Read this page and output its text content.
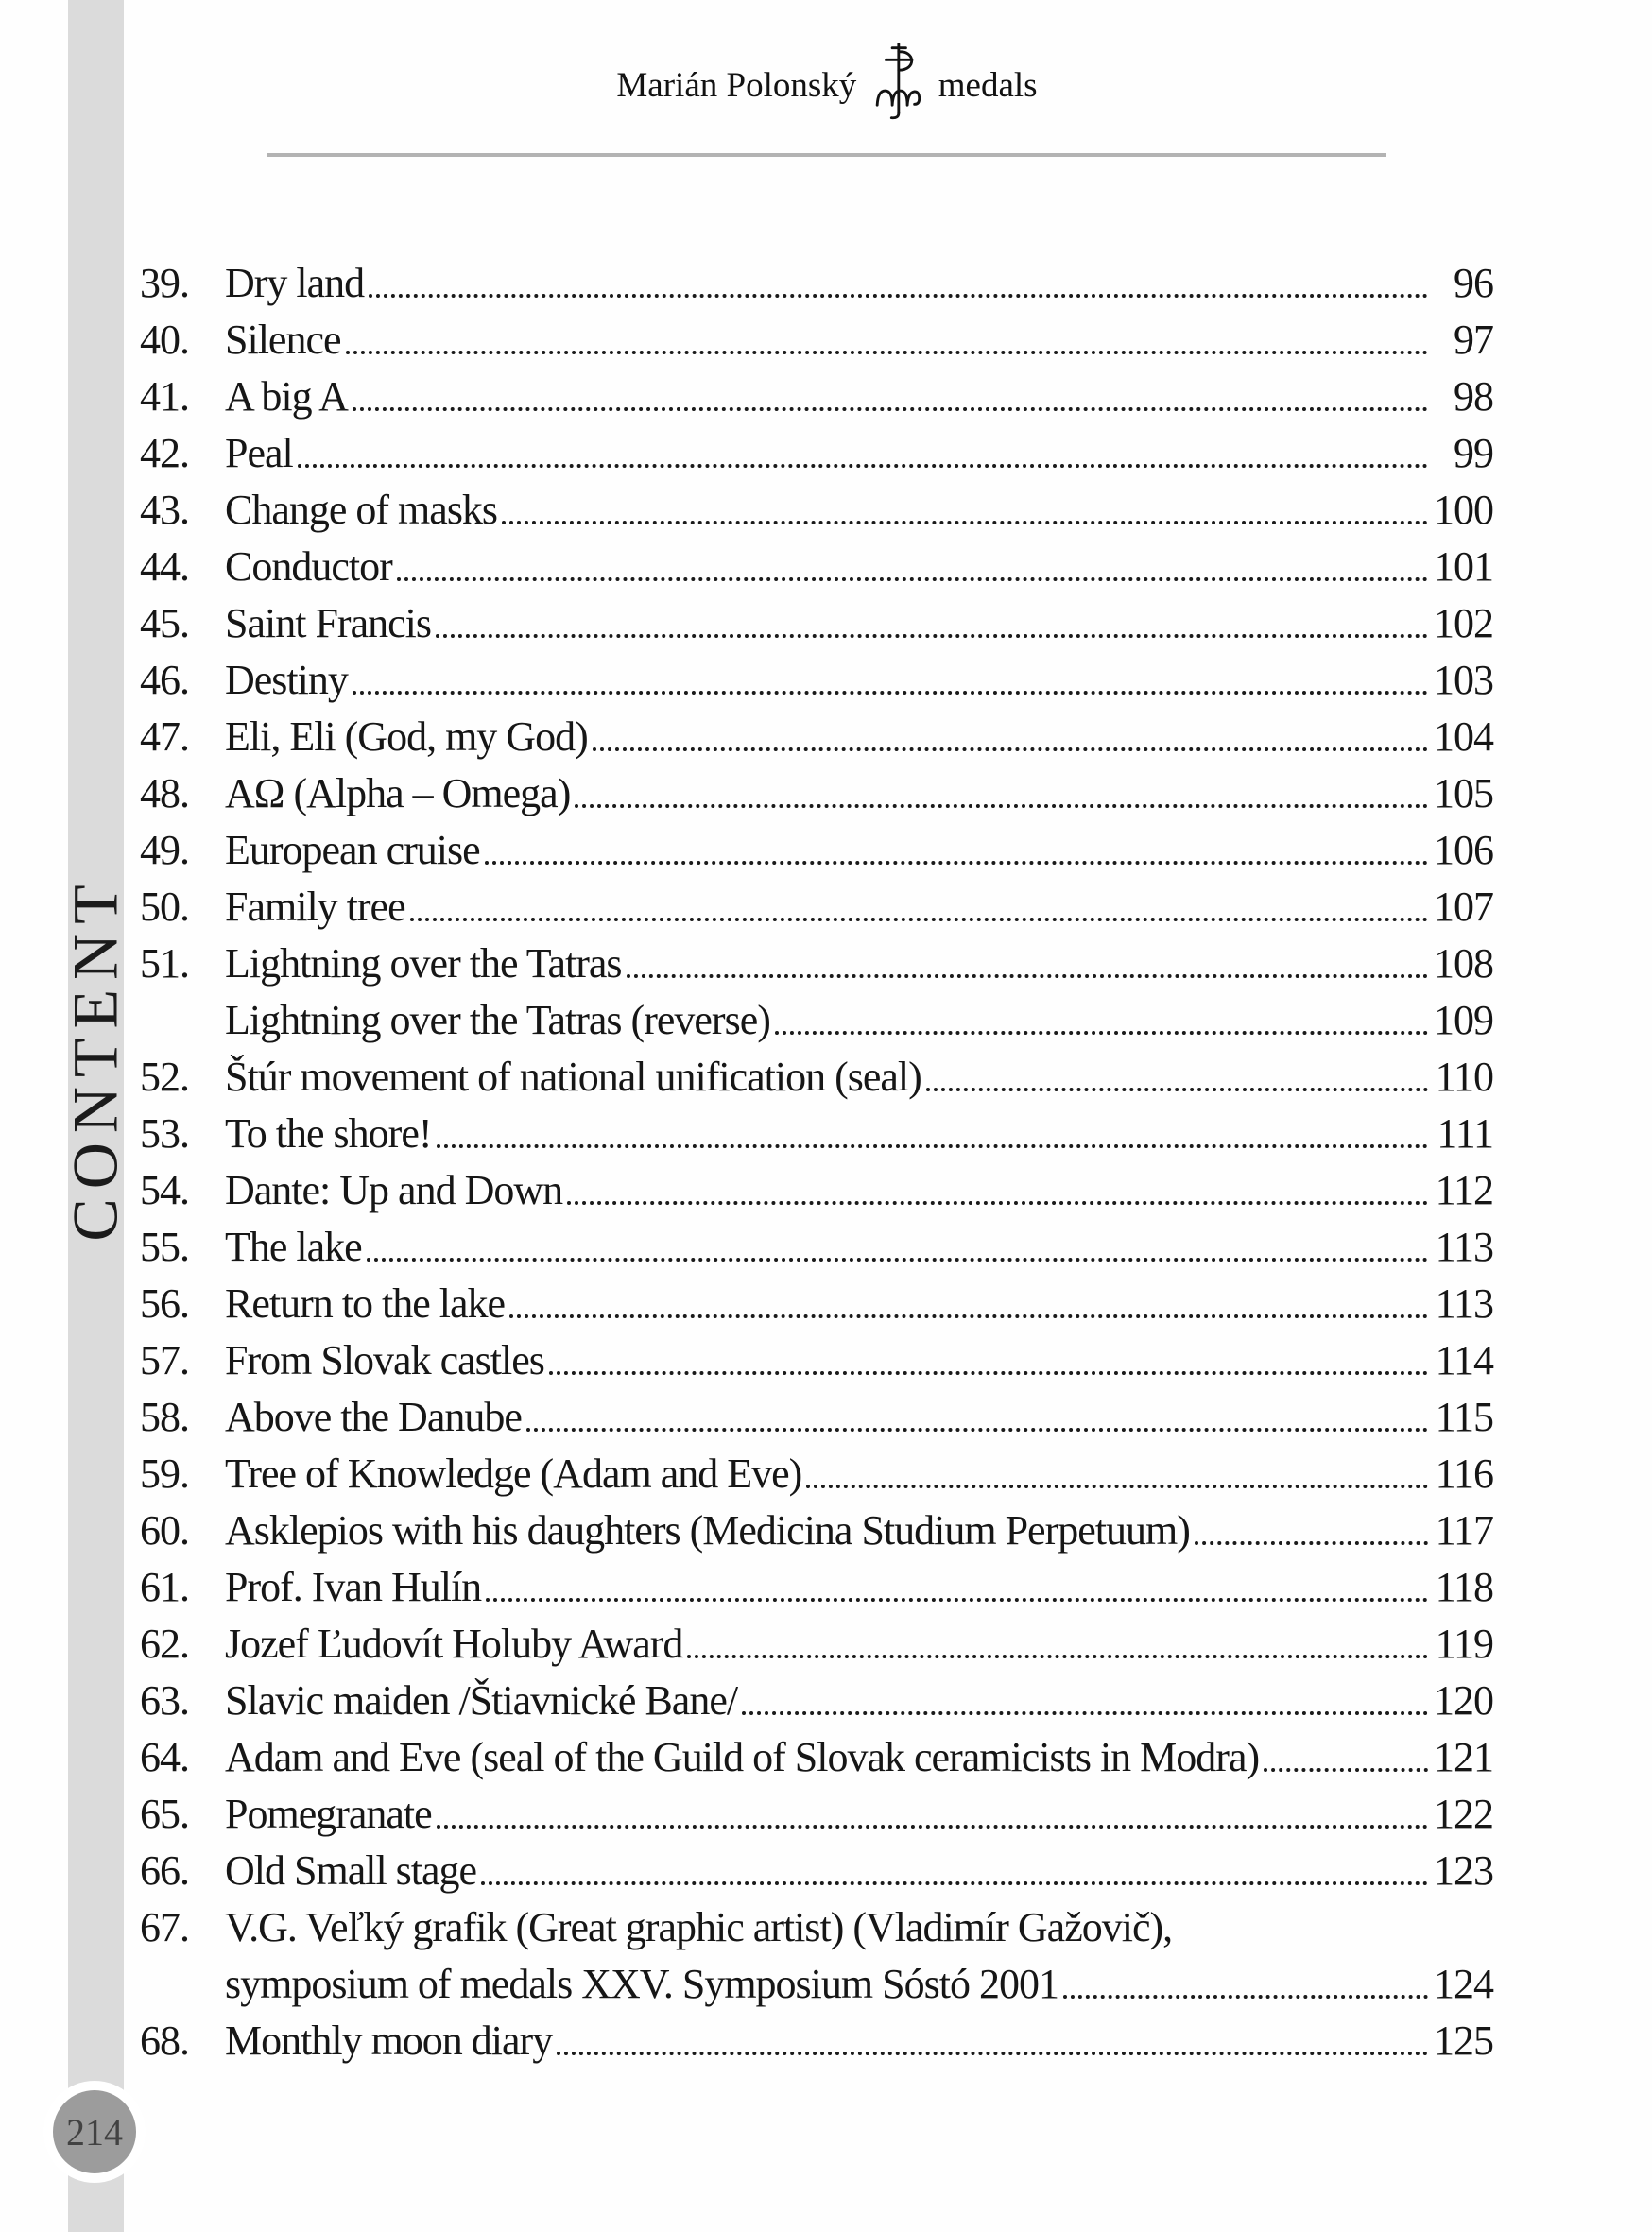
CONTENT
214
Marián Polonský medals
39. Dry land	96
40. Silence	97
41. A big A	98
42. Peal	99
43. Change of masks	100
44. Conductor	101
45. Saint Francis	102
46. Destiny	103
47. Eli, Eli (God, my God)	104
48. AΩ (Alpha – Omega)	105
49. European cruise	106
50. Family tree	107
51. Lightning over the Tatras	108
Lightning over the Tatras (reverse)	109
52. Štúr movement of national unification (seal)	110
53. To the shore!	111
54. Dante: Up and Down	112
55. The lake	113
56. Return to the lake	113
57. From Slovak castles	114
58. Above the Danube	115
59. Tree of Knowledge (Adam and Eve)	116
60. Asklepios with his daughters (Medicina Studium Perpetuum)	117
61. Prof. Ivan Hulín	118
62. Jozef Ľudovít Holuby Award	119
63. Slavic maiden /Štiavnické Bane/	120
64. Adam and Eve (seal of the Guild of Slovak ceramicists in Modra)	121
65. Pomegranate	122
66. Old Small stage	123
67. V.G. Veľký grafik (Great graphic artist) (Vladimír Gažovič),
symposium of medals XXV. Symposium Sóstó 2001	124
68. Monthly moon diary	125
